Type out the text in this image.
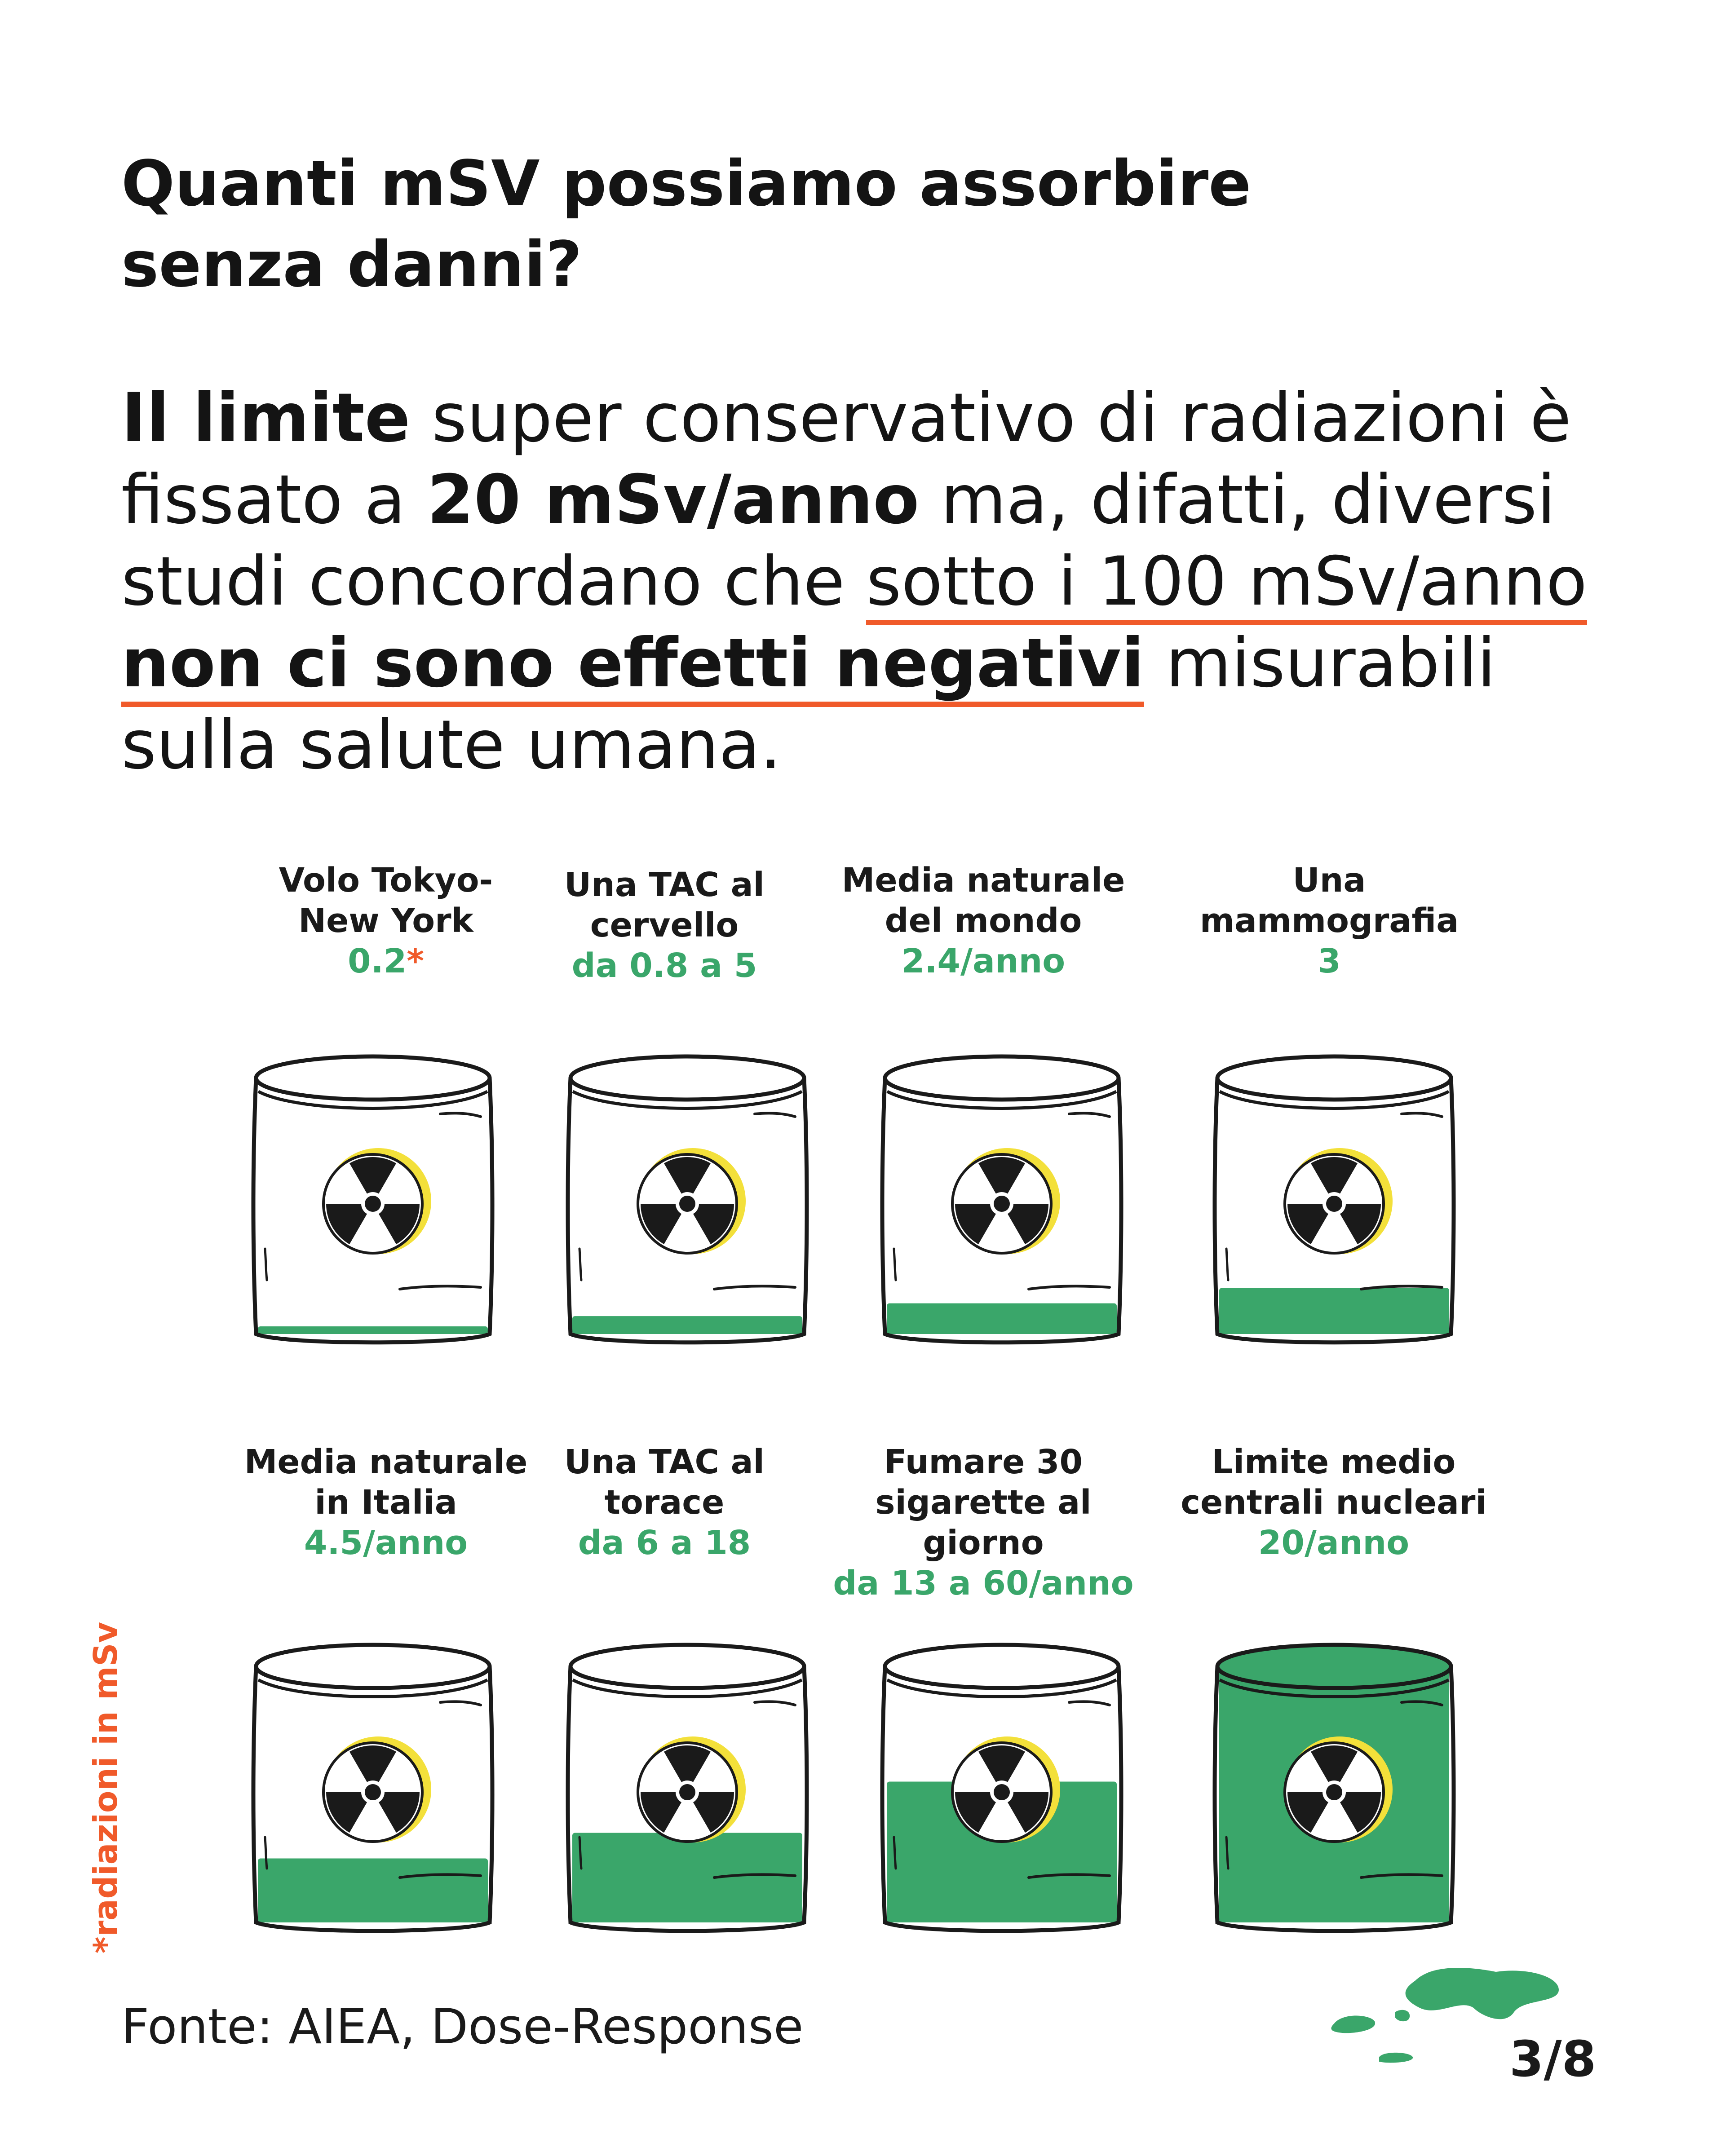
Quanti mSV possiamo assorbire
senza danni?

Il limite super conservativo di radiazioni è fissato a 20 mSv/anno ma, difatti, diversi studi concordano che sotto i 100 mSv/anno non ci sono effetti negativi misurabili sulla salute umana.

Volo Tokyo-
New York
0.2*
Una TAC al
cervello
da 0.8 a 5
Media naturale
del mondo
2.4/anno
Una
mammografia
3
Media naturale
in Italia
4.5/anno
Una TAC al
torace
da 6 a 18
Fumare 30
sigarette al giorno
da 13 a 60/anno
Limite medio
centrali nucleari
20/anno
*radiazioni in mSv
Fonte: AIEA, Dose-Response
3/8
